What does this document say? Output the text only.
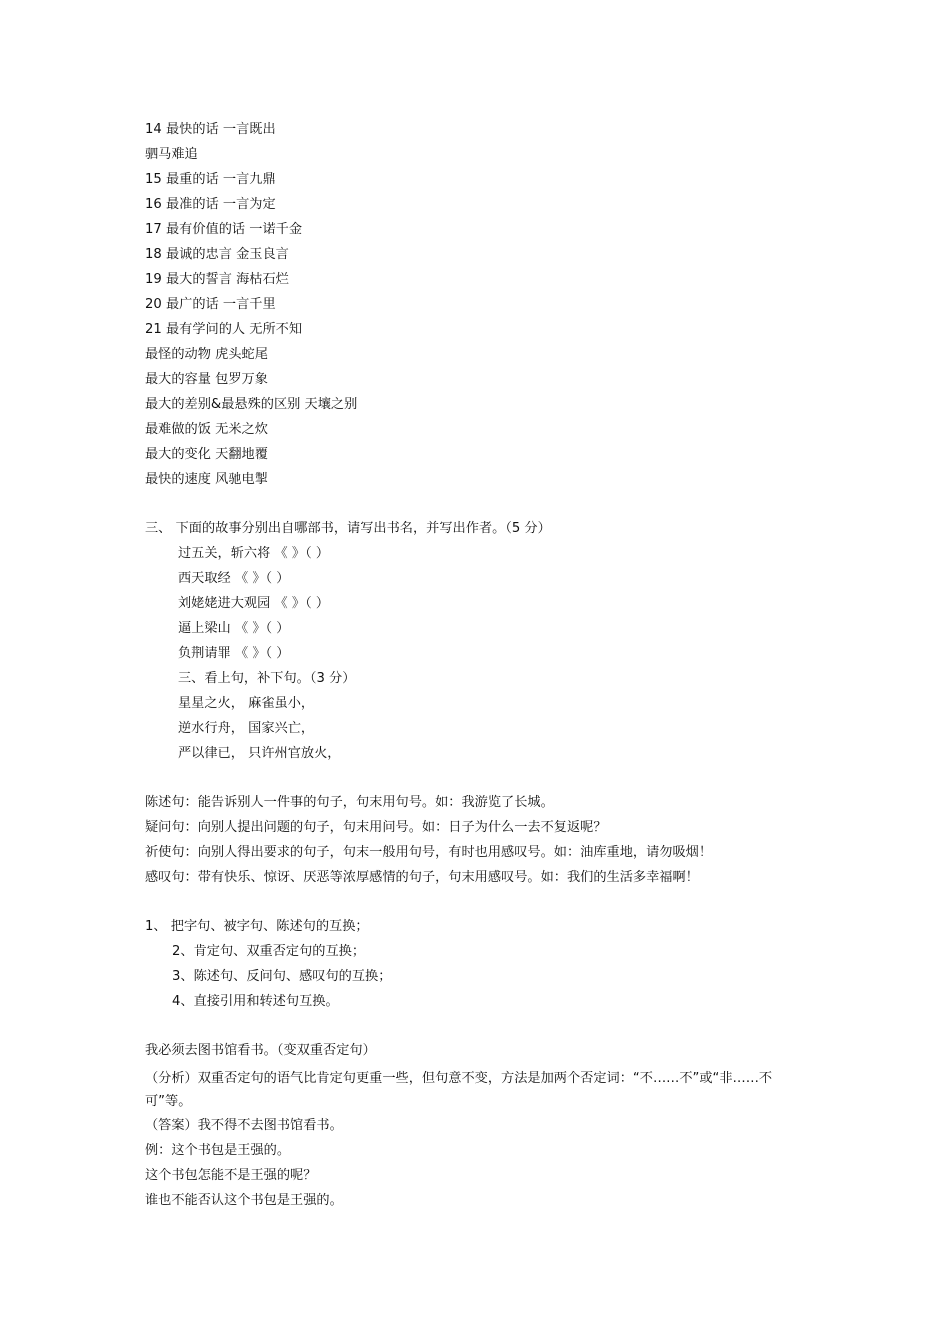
14 最快的话 一言既出
驷马难追
15 最重的话 一言九鼎
16 最准的话 一言为定
17 最有价值的话 一诺千金
18 最诚的忠言 金玉良言
19 最大的誓言 海枯石烂
20 最广的话 一言千里
21 最有学问的人 无所不知
最怪的动物 虎头蛇尾
最大的容量 包罗万象
最大的差别&最悬殊的区别 天壤之别
最难做的饭 无米之炊
最大的变化 天翻地覆
最快的速度 风驰电掣
三、 下面的故事分别出自哪部书，请写出书名，并写出作者。（5 分）
过五关，斩六将 《 》（ ）
西天取经 《 》（ ）
刘姥姥进大观园 《 》（ ）
逼上梁山 《 》（ ）
负荆请罪 《 》（ ）
三、看上句，补下句。（3 分）
星星之火， 麻雀虽小，
逆水行舟， 国家兴亡，
严以律已， 只许州官放火，
陈述句：能告诉别人一件事的句子，句末用句号。如：我游览了长城。
疑问句：向别人提出问题的句子，句末用问号。如：日子为什么一去不复返呢？
祈使句：向别人得出要求的句子，句末一般用句号，有时也用感叹号。如：油库重地，请勿吸烟！
感叹句：带有快乐、惊讶、厌恶等浓厚感情的句子，句末用感叹号。如：我们的生活多幸福啊！
1、 把字句、被字句、陈述句的互换；
2、肯定句、双重否定句的互换；
3、陈述句、反问句、感叹句的互换；
4、直接引用和转述句互换。
我必须去图书馆看书。（变双重否定句）
（分析）双重否定句的语气比肯定句更重一些，但句意不变，方法是加两个否定词：“不……不”或“非……不可”等。
（答案）我不得不去图书馆看书。
例：这个书包是王强的。
这个书包怎能不是王强的呢？
谁也不能否认这个书包是王强的。
